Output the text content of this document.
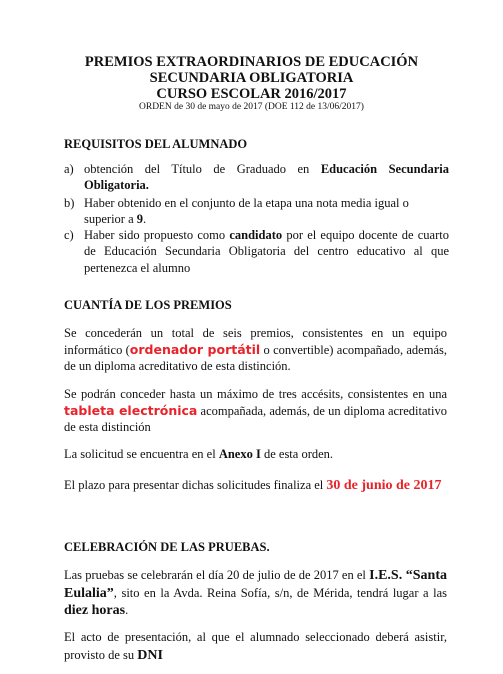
PREMIOS EXTRAORDINARIOS DE EDUCACIÓN
SECUNDARIA OBLIGATORIA
CURSO ESCOLAR 2016/2017
ORDEN de 30 de mayo de 2017 (DOE 112 de 13/06/2017)
REQUISITOS DEL ALUMNADO
a) obtención del Título de Graduado en Educación Secundaria Obligatoria.
b) Haber obtenido en el conjunto de la etapa una nota media igual o superior a 9.
c) Haber sido propuesto como candidato por el equipo docente de cuarto de Educación Secundaria Obligatoria del centro educativo al que pertenezca el alumno
CUANTÍA DE LOS PREMIOS
Se concederán un total de seis premios, consistentes en un equipo informático (ordenador portátil o convertible) acompañado, además, de un diploma acreditativo de esta distinción.
Se podrán conceder hasta un máximo de tres accésits, consistentes en una tableta electrónica acompañada, además, de un diploma acreditativo de esta distinción
La solicitud se encuentra en el Anexo I de esta orden.
El plazo para presentar dichas solicitudes finaliza el 30 de junio de 2017
CELEBRACIÓN DE LAS PRUEBAS.
Las pruebas se celebrarán el día 20 de julio de de 2017 en el I.E.S. “Santa Eulalia”, sito en la Avda. Reina Sofía, s/n, de Mérida, tendrá lugar a las diez horas.
El acto de presentación, al que el alumnado seleccionado deberá asistir, provisto de su DNI
